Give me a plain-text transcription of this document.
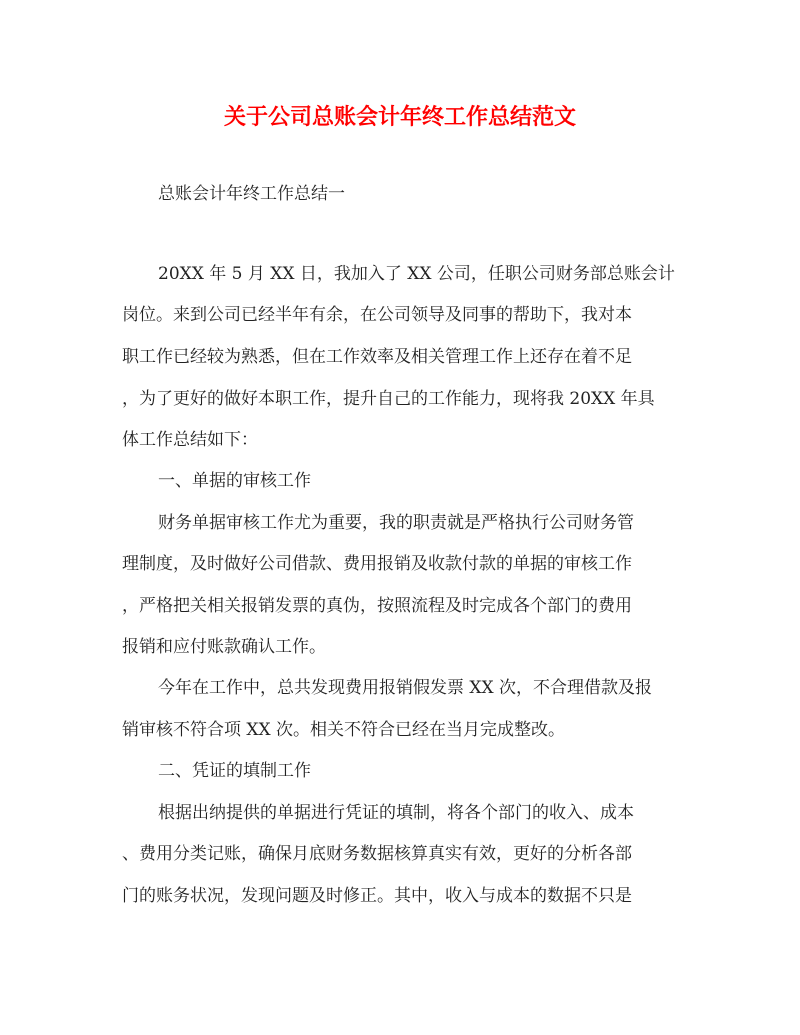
关于公司总账会计年终工作总结范文
总账会计年终工作总结一
20XX 年 5 月 XX 日，我加入了 XX 公司，任职公司财务部总账会计
岗位。来到公司已经半年有余，在公司领导及同事的帮助下，我对本
职工作已经较为熟悉，但在工作效率及相关管理工作上还存在着不足
，为了更好的做好本职工作，提升自己的工作能力，现将我 20XX 年具
体工作总结如下：
一、单据的审核工作
财务单据审核工作尤为重要，我的职责就是严格执行公司财务管
理制度，及时做好公司借款、费用报销及收款付款的单据的审核工作
，严格把关相关报销发票的真伪，按照流程及时完成各个部门的费用
报销和应付账款确认工作。
今年在工作中，总共发现费用报销假发票 XX 次，不合理借款及报
销审核不符合项 XX 次。相关不符合已经在当月完成整改。
二、凭证的填制工作
根据出纳提供的单据进行凭证的填制，将各个部门的收入、成本
、费用分类记账，确保月底财务数据核算真实有效，更好的分析各部
门的账务状况，发现问题及时修正。其中，收入与成本的数据不只是
